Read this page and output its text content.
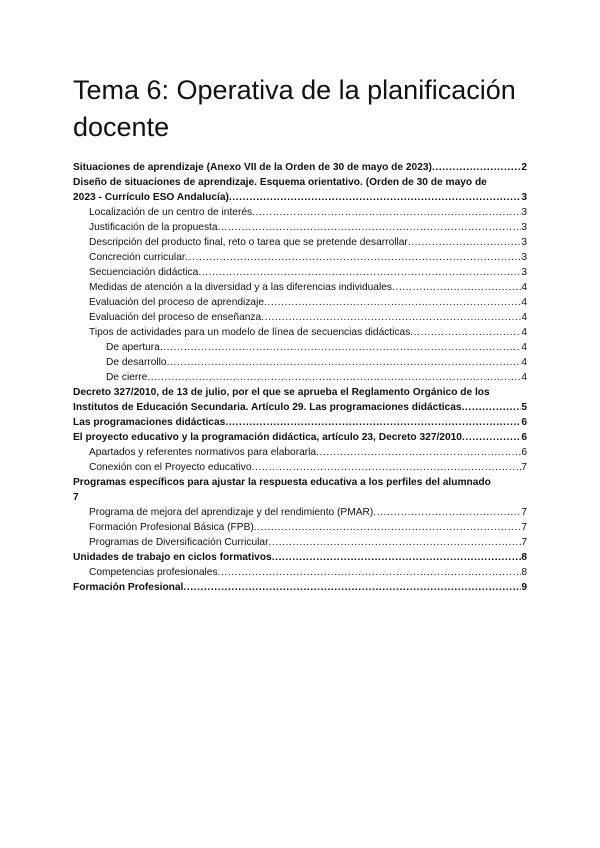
Tema 6: Operativa de la planificación docente
Situaciones de aprendizaje (Anexo VII de la Orden de 30 de mayo de 2023) .....	2
Diseño de situaciones de aprendizaje. Esquema orientativo. (Orden de 30 de mayo de
2023 - Currículo ESO Andalucía) .....	3
Localización de un centro de interés .....	3
Justificación de la propuesta .....	3
Descripción del producto final, reto o tarea que se pretende desarrollar .....	3
Concreción curricular .....	3
Secuenciación didáctica .....	3
Medidas de atención a la diversidad y a las diferencias individuales .....	4
Evaluación del proceso de aprendizaje .....	4
Evaluación del proceso de enseñanza .....	4
Tipos de actividades para un modelo de línea de secuencias didácticas .....	4
De apertura .....	4
De desarrollo .....	4
De cierre .....	4
Decreto 327/2010, de 13 de julio, por el que se aprueba el Reglamento Orgánico de los
Institutos de Educación Secundaria. Artículo 29. Las programaciones didácticas .....	5
Las programaciones didácticas .....	6
El proyecto educativo y la programación didáctica, artículo 23, Decreto 327/2010 .....	6
Apartados y referentes normativos para elaborarla .....	6
Conexión con el Proyecto educativo .....	7
Programas específicos para ajustar la respuesta educativa a los perfiles del alumnado
7
Programa de mejora del aprendizaje y del rendimiento (PMAR) .....	7
Formación Profesional Básica (FPB) .....	7
Programas de Diversificación Curricular .....	7
Unidades de trabajo en ciclos formativos .....	8
Competencias profesionales .....	8
Formación Profesional .....	9
